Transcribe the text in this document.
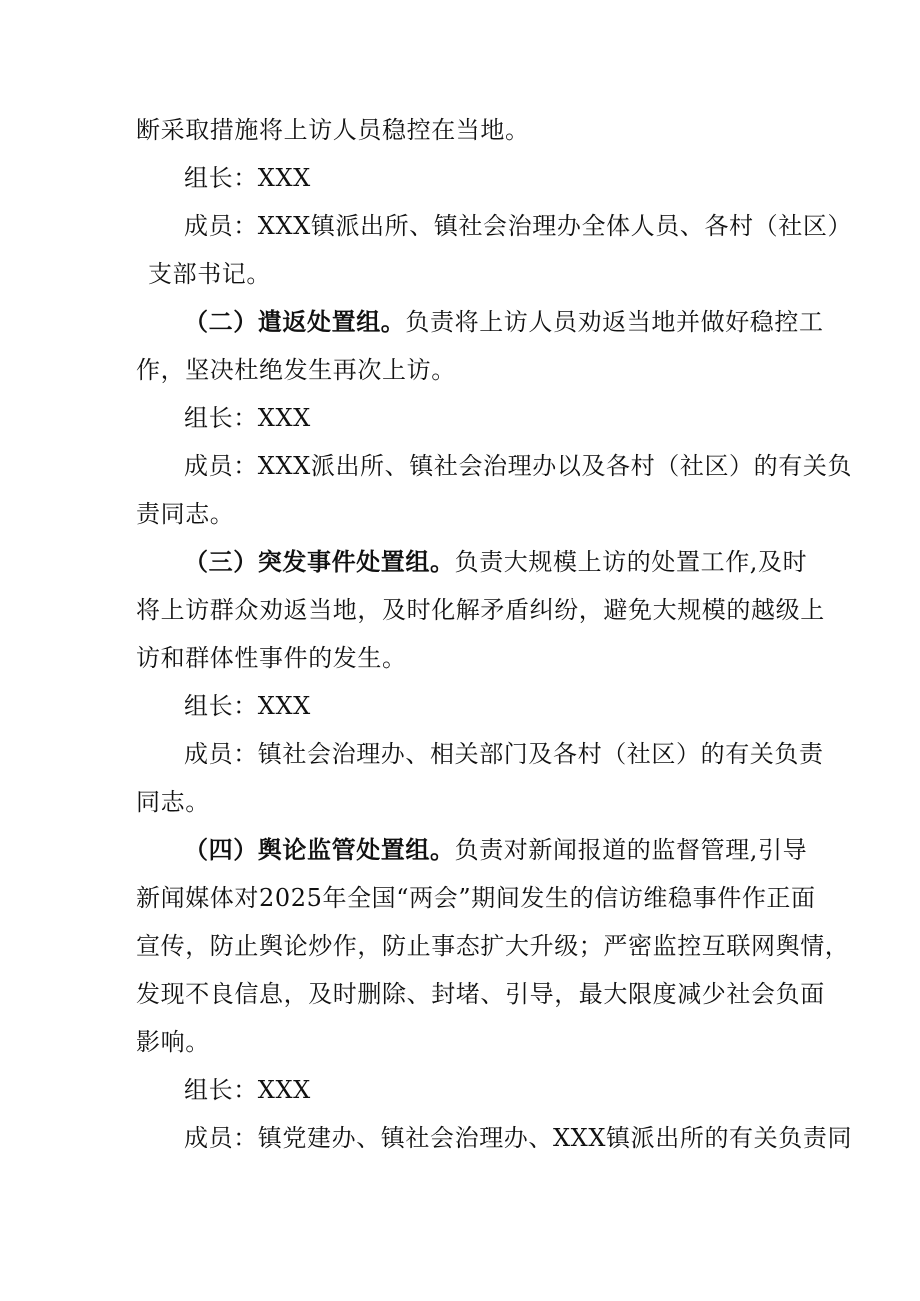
断采取措施将上访人员稳控在当地。
组长：XXX
成员：XXX镇派出所、镇社会治理办全体人员、各村（社区）
支部书记。
（二）遣返处置组。负责将上访人员劝返当地并做好稳控工
作，坚决杜绝发生再次上访。
组长：XXX
成员：XXX派出所、镇社会治理办以及各村（社区）的有关负
责同志。
（三）突发事件处置组。负责大规模上访的处置工作,及时
将上访群众劝返当地，及时化解矛盾纠纷，避免大规模的越级上
访和群体性事件的发生。
组长：XXX
成员：镇社会治理办、相关部门及各村（社区）的有关负责
同志。
（四）舆论监管处置组。负责对新闻报道的监督管理,引导
新闻媒体对2025年全国“两会”期间发生的信访维稳事件作正面
宣传，防止舆论炒作，防止事态扩大升级；严密监控互联网舆情，
发现不良信息，及时删除、封堵、引导，最大限度减少社会负面
影响。
组长：XXX
成员：镇党建办、镇社会治理办、XXX镇派出所的有关负责同
